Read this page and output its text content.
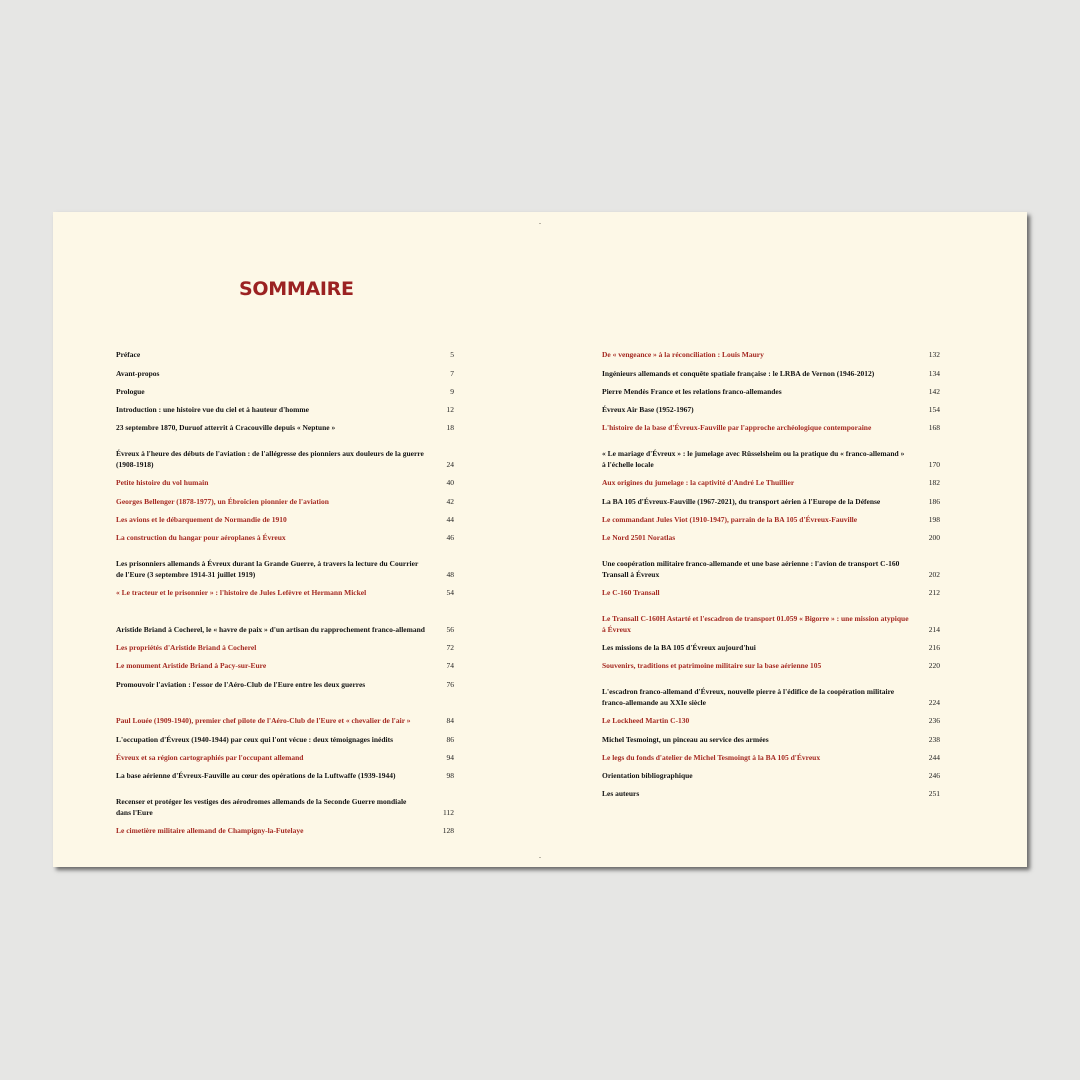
SOMMAIRE
Préface	5
Avant-propos	7
Prologue	9
Introduction : une histoire vue du ciel et à hauteur d'homme	12
23 septembre 1870, Duruof atterrit à Cracouville depuis « Neptune »	18
Évreux à l'heure des débuts de l'aviation : de l'allégresse des pionniers aux douleurs de la guerre (1908-1918)	24
Petite histoire du vol humain	40
Georges Bellenger (1878-1977), un Ébroïcien pionnier de l'aviation	42
Les avions et le débarquement de Normandie de 1910	44
La construction du hangar pour aéroplanes à Évreux	46
Les prisonniers allemands à Évreux durant la Grande Guerre, à travers la lecture du Courrier de l'Eure (3 septembre 1914-31 juillet 1919)	48
« Le tracteur et le prisonnier » : l'histoire de Jules Lefèvre et Hermann Mickel	54
Aristide Briand à Cocherel, le « havre de paix » d'un artisan du rapprochement franco-allemand	56
Les propriétés d'Aristide Briand à Cocherel	72
Le monument Aristide Briand à Pacy-sur-Eure	74
Promouvoir l'aviation : l'essor de l'Aéro-Club de l'Eure entre les deux guerres	76
Paul Louée (1909-1940), premier chef pilote de l'Aéro-Club de l'Eure et « chevalier de l'air »	84
L'occupation d'Évreux (1940-1944) par ceux qui l'ont vécue : deux témoignages inédits	86
Évreux et sa région cartographiés par l'occupant allemand	94
La base aérienne d'Évreux-Fauville au cœur des opérations de la Luftwaffe (1939-1944)	98
Recenser et protéger les vestiges des aérodromes allemands de la Seconde Guerre mondiale dans l'Eure	112
Le cimetière militaire allemand de Champigny-la-Futelaye	128
De « vengeance » à la réconciliation : Louis Maury	132
Ingénieurs allemands et conquête spatiale française : le LRBA de Vernon (1946-2012)	134
Pierre Mendès France et les relations franco-allemandes	142
Évreux Air Base (1952-1967)	154
L'histoire de la base d'Évreux-Fauville par l'approche archéologique contemporaine	168
« Le mariage d'Évreux » : le jumelage avec Rüsselsheim ou la pratique du « franco-allemand » à l'échelle locale	170
Aux origines du jumelage : la captivité d'André Le Thuillier	182
La BA 105 d'Évreux-Fauville (1967-2021), du transport aérien à l'Europe de la Défense	186
Le commandant Jules Viot (1910-1947), parrain de la BA 105 d'Évreux-Fauville	198
Le Nord 2501 Noratlas	200
Une coopération militaire franco-allemande et une base aérienne : l'avion de transport C-160 Transall à Évreux	202
Le C-160 Transall	212
Le Transall C-160H Astarté et l'escadron de transport 01.059 « Bigorre » : une mission atypique à Évreux	214
Les missions de la BA 105 d'Évreux aujourd'hui	216
Souvenirs, traditions et patrimoine militaire sur la base aérienne 105	220
L'escadron franco-allemand d'Évreux, nouvelle pierre à l'édifice de la coopération militaire franco-allemande au XXIe siècle	224
Le Lockheed Martin C-130	236
Michel Tesmoingt, un pinceau au service des armées	238
Le legs du fonds d'atelier de Michel Tesmoingt à la BA 105 d'Évreux	244
Orientation bibliographique	246
Les auteurs	251
